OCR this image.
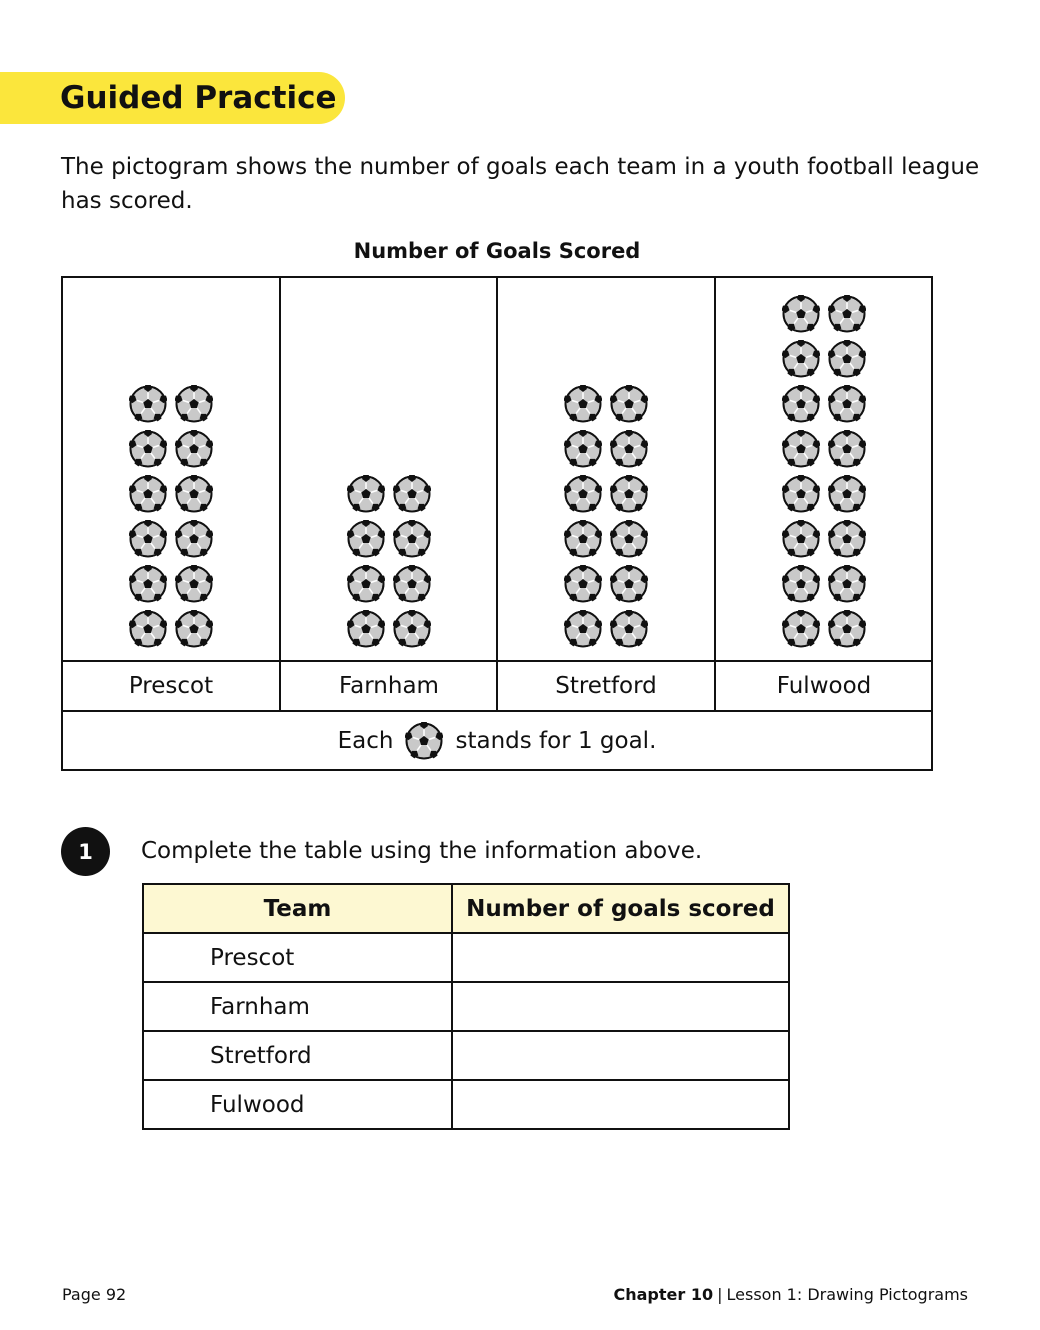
Guided Practice

The pictogram shows the number of goals each team in a youth football league has scored.

Number of Goals Scored
Prescot	Farnham	Stretford	Fulwood
Each	stands for 1 goal.
1	Complete the table using the information above.
Team	Number of goals scored
Prescot	
Farnham	
Stretford	
Fulwood	
Page 92	Chapter 10 | Lesson 1: Drawing Pictograms
